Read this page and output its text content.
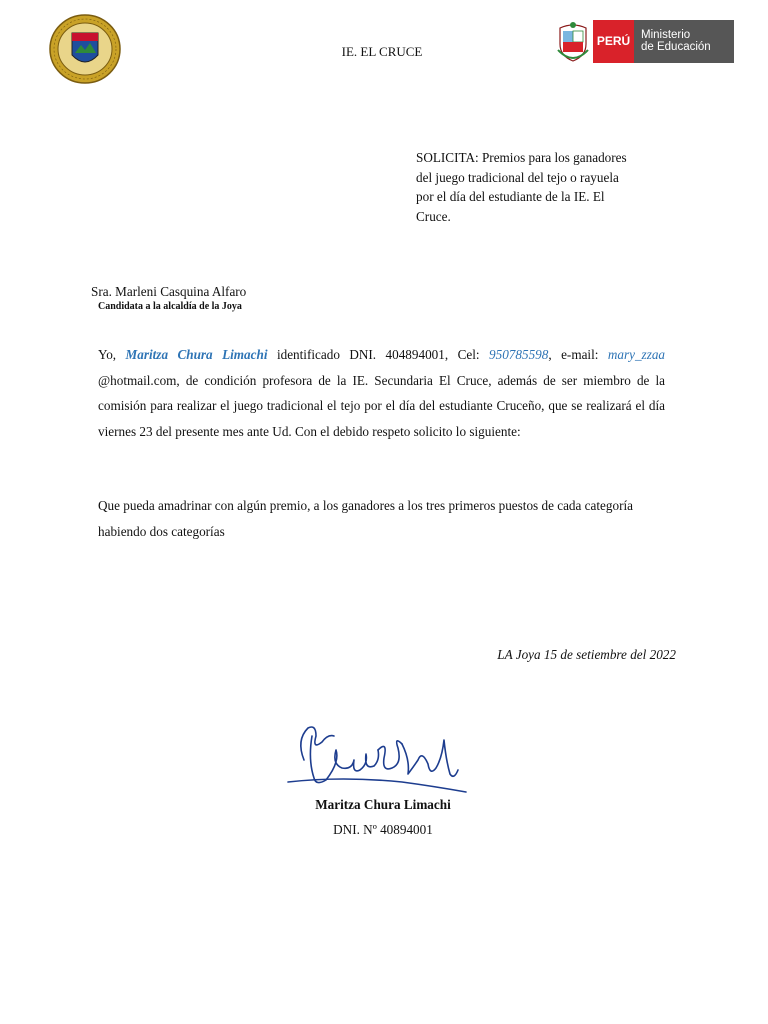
IE. EL CRUCE
PERÚ Ministerio
de Educación
SOLICITA: Premios para los ganadores
del juego tradicional del tejo o rayuela
por el día del estudiante de la IE. El
Cruce.
Sra. Marleni Casquina Alfaro
Candidata a la alcaldía de la Joya
Yo, Maritza Chura Limachi identificado DNI. 404894001, Cel: 950785598, e-mail: mary_zzaa @hotmail.com, de condición profesora de la IE. Secundaria El Cruce, además de ser miembro de la comisión para realizar el juego tradicional el tejo por el día del estudiante Cruceño, que se realizará el día viernes 23 del presente mes ante Ud. Con el debido respeto solicito lo siguiente:
Que pueda amadrinar con algún premio, a los ganadores a los tres primeros puestos de cada categoría habiendo dos categorías
LA Joya 15 de setiembre del 2022
Maritza Chura Limachi
DNI. Nº 40894001
